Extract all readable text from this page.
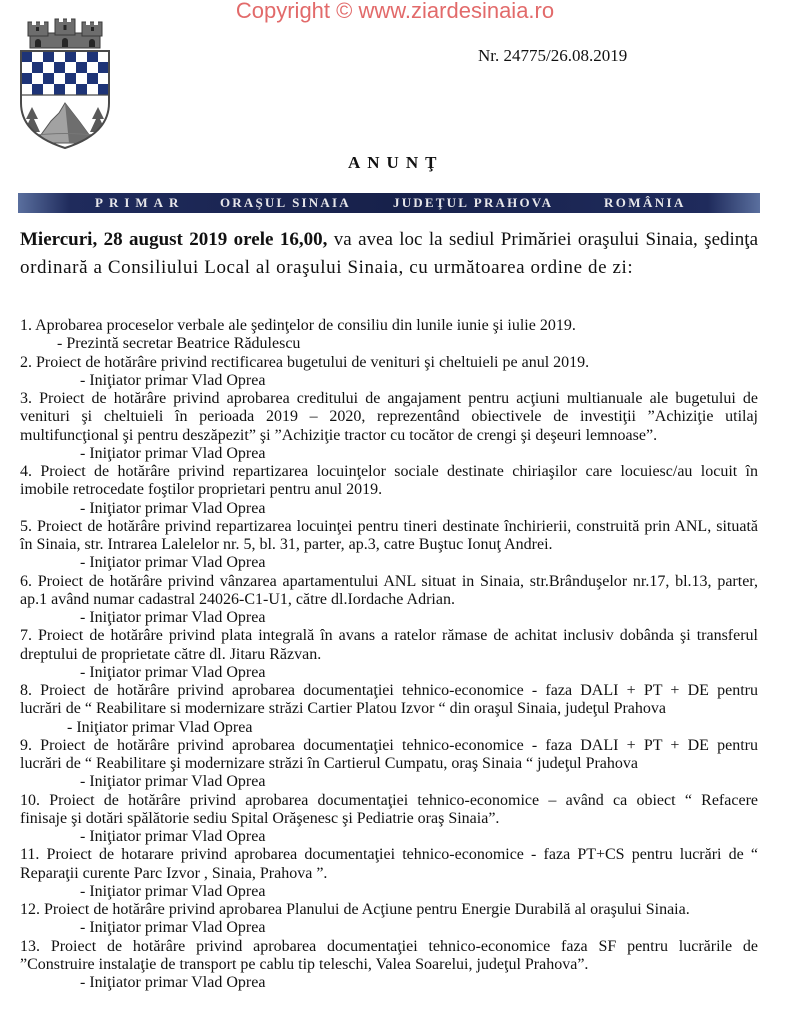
Copyright © www.ziardesinaia.ro
Nr. 24775/26.08.2019
ANUNŢ
PRIMAR	ORAŞUL SINAIA	JUDEŢUL PRAHOVA	ROMÂNIA
Miercuri, 28 august 2019 orele 16,00, va avea loc la sediul Primăriei oraşului Sinaia, şedinţa
ordinară a Consiliului Local al oraşului Sinaia, cu următoarea ordine de zi:
1. Aprobarea proceselor verbale ale şedinţelor de consiliu din lunile iunie şi iulie 2019.
- Prezintă secretar Beatrice Rădulescu
2. Proiect de hotărâre privind rectificarea bugetului de venituri şi cheltuieli pe anul 2019.
- Iniţiator primar Vlad Oprea
3. Proiect de hotărâre privind aprobarea creditului de angajament pentru acţiuni multianuale ale bugetului de
venituri şi cheltuieli în perioada 2019 – 2020, reprezentând obiectivele de investiţii ”Achiziţie utilaj
multifuncţional şi pentru deszăpezit” şi ”Achiziţie tractor cu tocător de crengi şi deşeuri lemnoase”.
- Iniţiator primar Vlad Oprea
4. Proiect de hotărâre privind repartizarea locuinţelor sociale destinate chiriaşilor care locuiesc/au locuit în
imobile retrocedate foştilor proprietari pentru anul 2019.
- Iniţiator primar Vlad Oprea
5. Proiect de hotărâre privind repartizarea locuinţei pentru tineri destinate închirierii, construită prin ANL, situată
în Sinaia, str. Intrarea Lalelelor nr. 5, bl. 31, parter, ap.3, catre Buştuc Ionuţ Andrei.
- Iniţiator primar Vlad Oprea
6. Proiect de hotărâre privind vânzarea apartamentului ANL situat in Sinaia, str.Brânduşelor nr.17, bl.13, parter,
ap.1 având numar cadastral 24026-C1-U1, către dl.Iordache Adrian.
- Iniţiator primar Vlad Oprea
7. Proiect de hotărâre privind plata integrală în avans a ratelor rămase de achitat inclusiv dobânda şi transferul
dreptului de proprietate către dl. Jitaru Răzvan.
- Iniţiator primar Vlad Oprea
8. Proiect de hotărâre privind aprobarea documentaţiei tehnico-economice - faza DALI + PT + DE pentru
lucrări de “ Reabilitare si modernizare străzi Cartier Platou Izvor “ din oraşul Sinaia, judeţul Prahova
- Iniţiator primar Vlad Oprea
9. Proiect de hotărâre privind aprobarea documentaţiei tehnico-economice - faza DALI + PT + DE pentru
lucrări de “ Reabilitare şi modernizare străzi în Cartierul Cumpatu, oraş Sinaia “ judeţul Prahova
- Iniţiator primar Vlad Oprea
10. Proiect de hotărâre privind aprobarea documentaţiei tehnico-economice – având ca obiect “ Refacere
finisaje şi dotări spălătorie sediu Spital Orăşenesc şi Pediatrie oraş Sinaia”.
- Iniţiator primar Vlad Oprea
11. Proiect de hotarare privind aprobarea documentaţiei tehnico-economice - faza PT+CS pentru lucrări de “
Reparaţii curente Parc Izvor , Sinaia, Prahova ”.
- Iniţiator primar Vlad Oprea
12. Proiect de hotărâre privind aprobarea Planului de Acţiune pentru Energie Durabilă al oraşului Sinaia.
- Iniţiator primar Vlad Oprea
13. Proiect de hotărâre privind aprobarea documentaţiei tehnico-economice faza SF pentru lucrările de
”Construire instalaţie de transport pe cablu tip teleschi, Valea Soarelui, judeţul Prahova”.
- Iniţiator primar Vlad Oprea
